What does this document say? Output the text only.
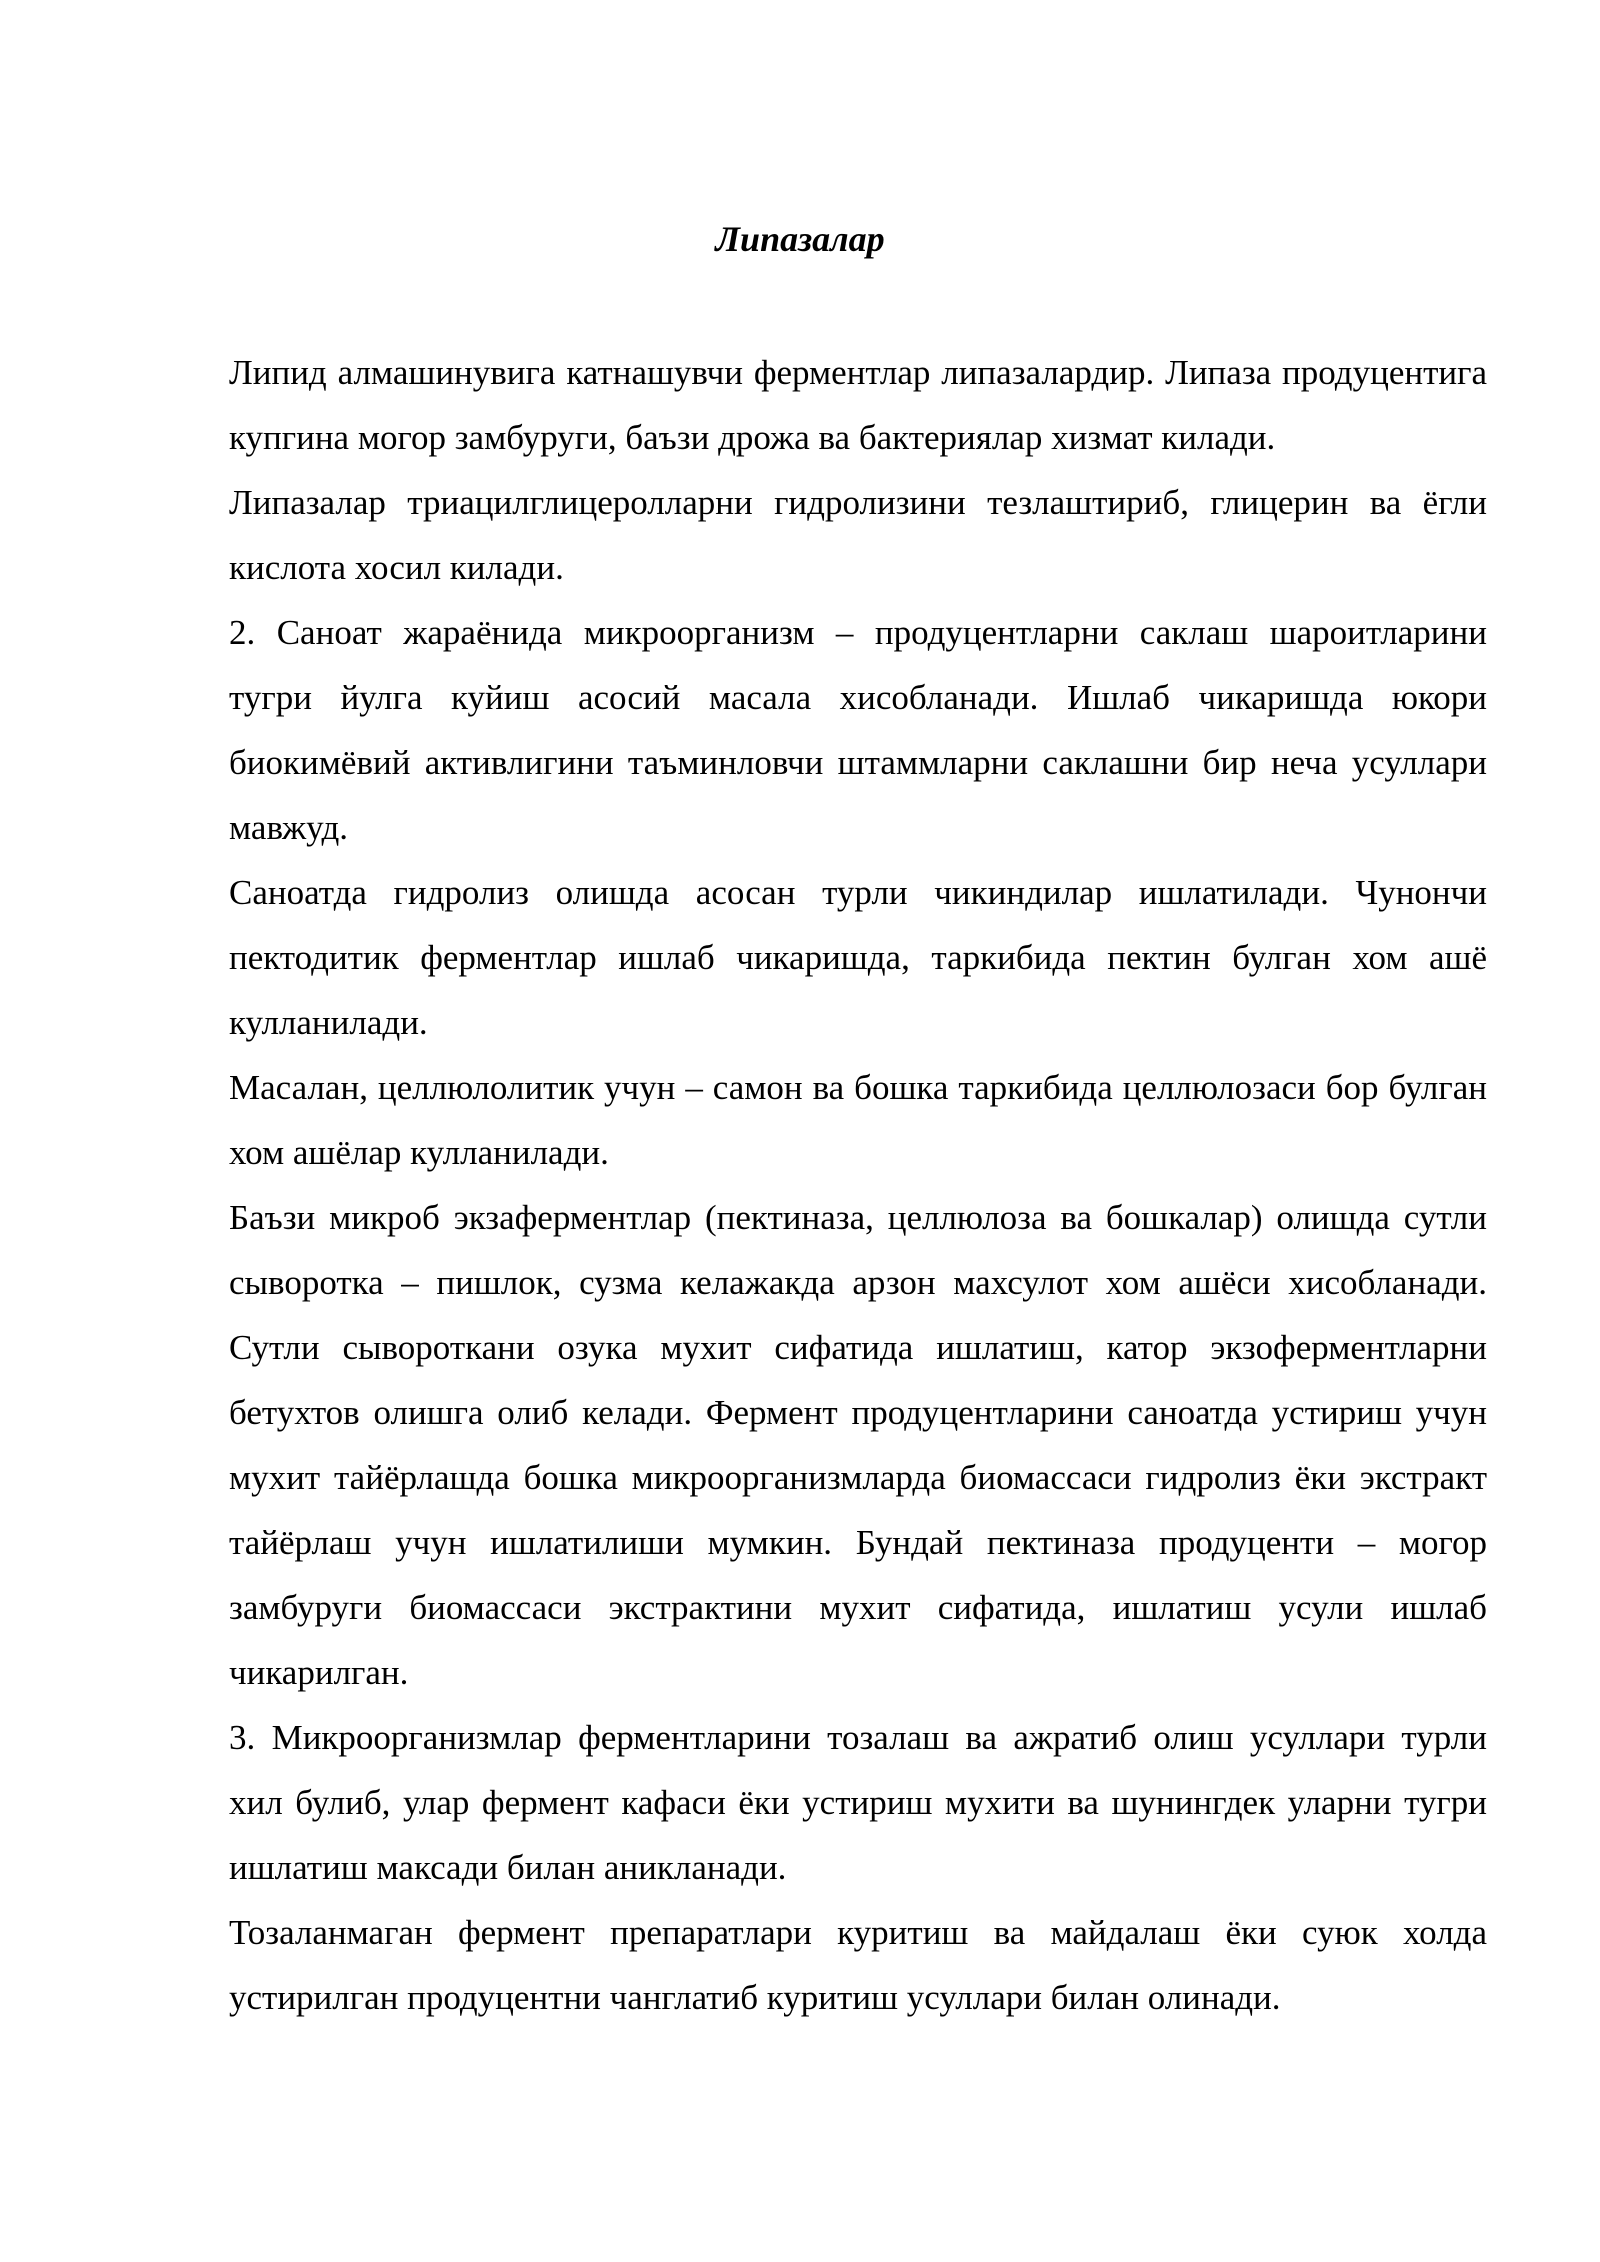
Липазалар

Липид алмашинувига катнашувчи ферментлар липазалардир. Липаза продуцентига купгина могор замбуруги, баъзи дрожа ва бактериялар хизмат килади.

Липазалар триацилглицеролларни гидролизини тезлаштириб, глицерин ва ёгли кислота хосил килади.

2. Саноат жараёнида микроорганизм – продуцентларни саклаш шароитларини тугри йулга куйиш асосий масала хисобланади. Ишлаб чикаришда юкори биокимёвий активлигини таъминловчи штаммларни саклашни бир неча усуллари мавжуд.

Саноатда гидролиз олишда асосан турли чикиндилар ишлатилади. Чунончи пектодитик ферментлар ишлаб чикаришда, таркибида пектин булган хом ашё кулланилади.

Масалан, целлюлолитик учун – самон ва бошка таркибида целлюлозаси бор булган хом ашёлар кулланилади.

Баъзи микроб экзаферментлар (пектиназа, целлюлоза ва бошкалар) олишда сутли сыворотка – пишлок, сузма келажакда арзон махсулот хом ашёси хисобланади. Сутли сывороткани озука мухит сифатида ишлатиш, катор экзоферментларни бетухтов олишга олиб келади. Фермент продуцентларини саноатда устириш учун мухит тайёрлашда бошка микроорганизмларда биомассаси гидролиз ёки экстракт тайёрлаш учун ишлатилиши мумкин. Бундай пектиназа продуценти – могор замбуруги биомассаси экстрактини мухит сифатида, ишлатиш усули ишлаб чикарилган.

3. Микроорганизмлар ферментларини тозалаш ва ажратиб олиш усуллари турли хил булиб, улар фермент кафаси ёки устириш мухити ва шунингдек уларни тугри ишлатиш максади билан аникланади.

Тозаланмаган фермент препаратлари куритиш ва майдалаш ёки суюк холда устирилган продуцентни чанглатиб куритиш усуллари билан олинади.
